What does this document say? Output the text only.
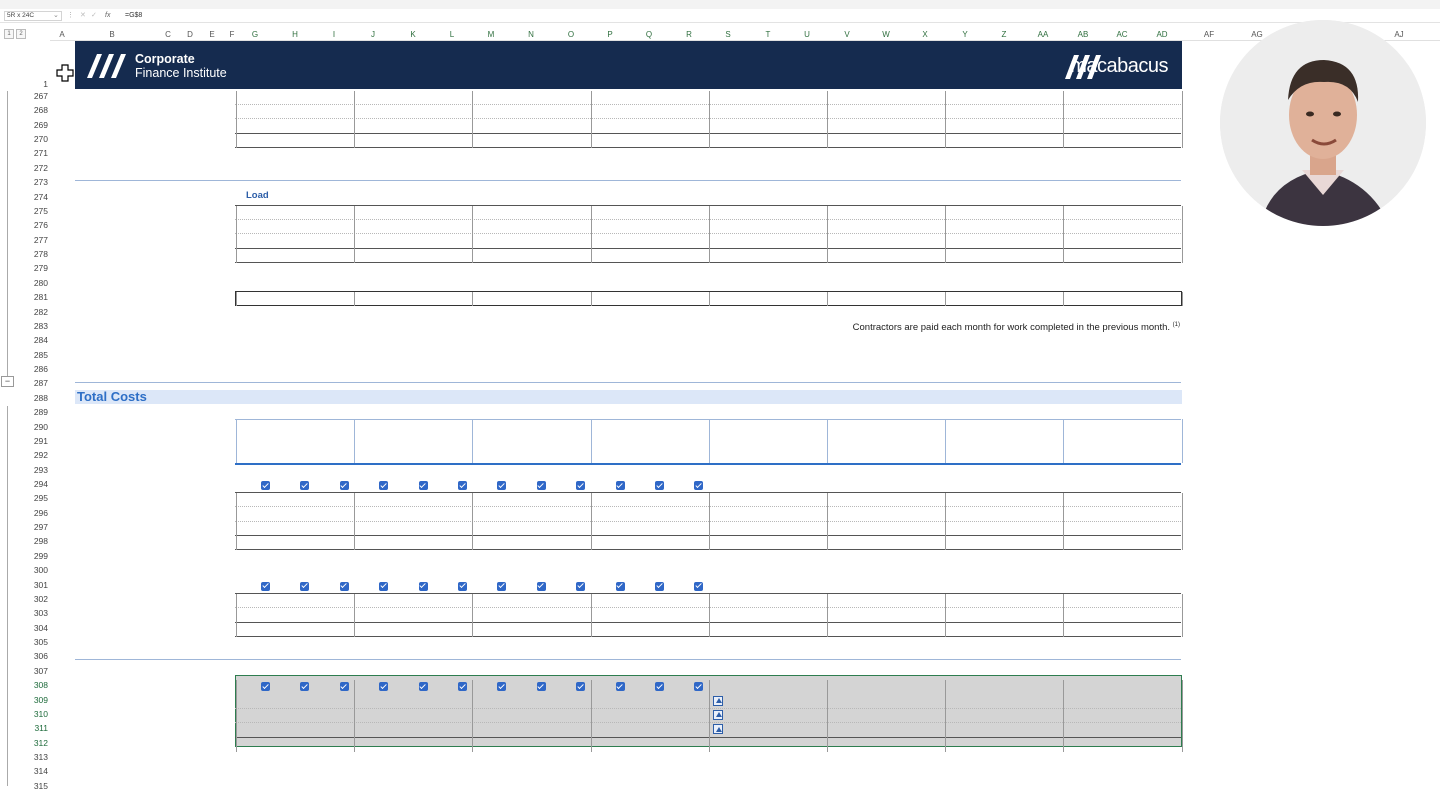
5R x 24C	⌄ ⋮ ✕ ✓ fx =G$8
1	2	A	B	C D E F G	H	I	J	K	L	M	N	O	P	Q	R	S	T	U	V	W	X	Y	Z	AA	AB	AC	AD	AF	AG	AJ
−
1
267
268
269
270
271
272
273
274
275
276
277
278
279
280
281
282
283
284
285
286
287
288
289
290
291
292
293
294
295
296
297
298
299
300
301
302
303
304
305
306
307
308
309
310
311
312
313
314
315
Corporate
Finance Institute	macabacus
Total Costs
Load
Contractors are paid each month for work completed in the previous month. $^{(1)}$
